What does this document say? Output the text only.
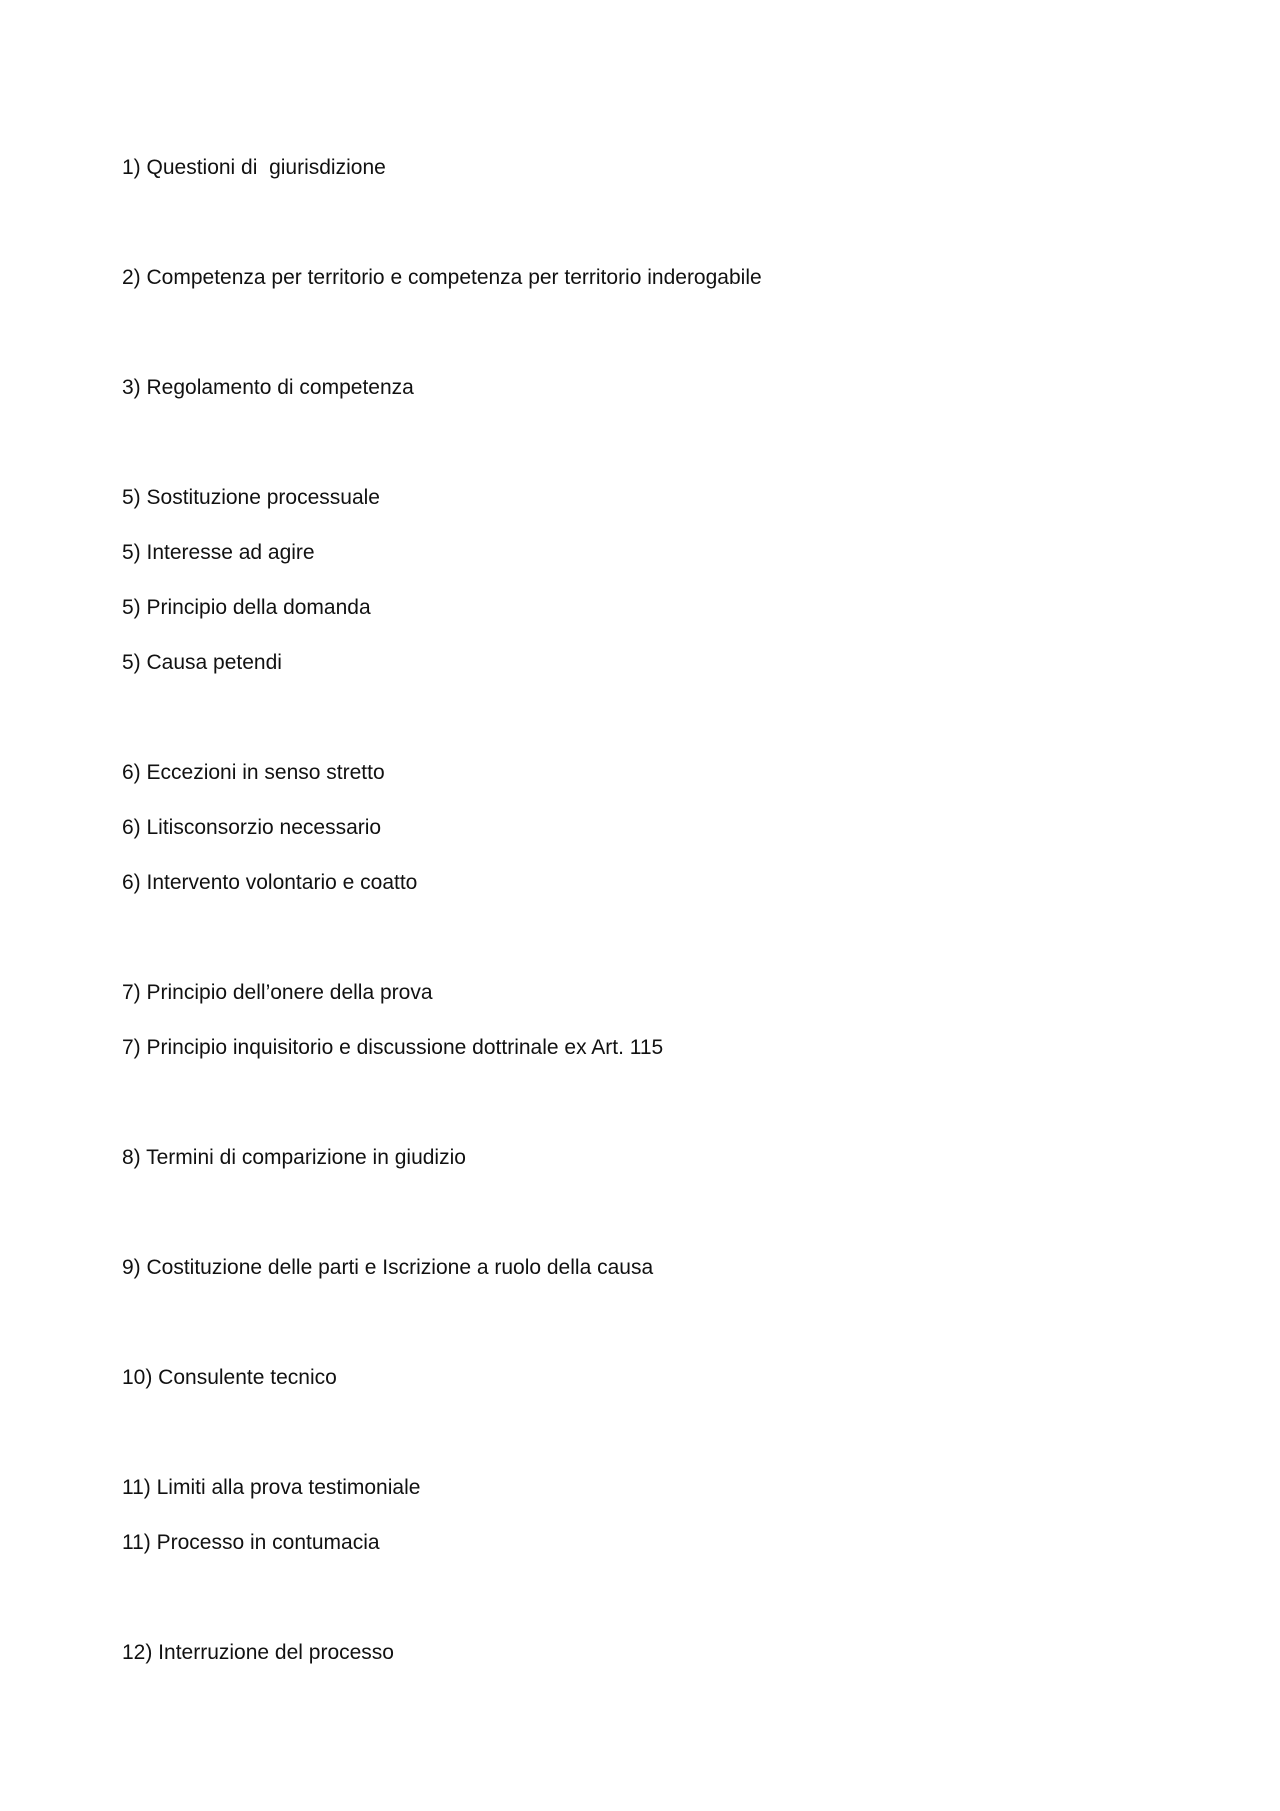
1) Questioni di  giurisdizione

2) Competenza per territorio e competenza per territorio inderogabile

3) Regolamento di competenza

5) Sostituzione processuale

5) Interesse ad agire

5) Principio della domanda

5) Causa petendi

6) Eccezioni in senso stretto

6) Litisconsorzio necessario

6) Intervento volontario e coatto

7) Principio dell’onere della prova

7) Principio inquisitorio e discussione dottrinale ex Art. 115

8) Termini di comparizione in giudizio

9) Costituzione delle parti e Iscrizione a ruolo della causa

10) Consulente tecnico

11) Limiti alla prova testimoniale

11) Processo in contumacia

12) Interruzione del processo
